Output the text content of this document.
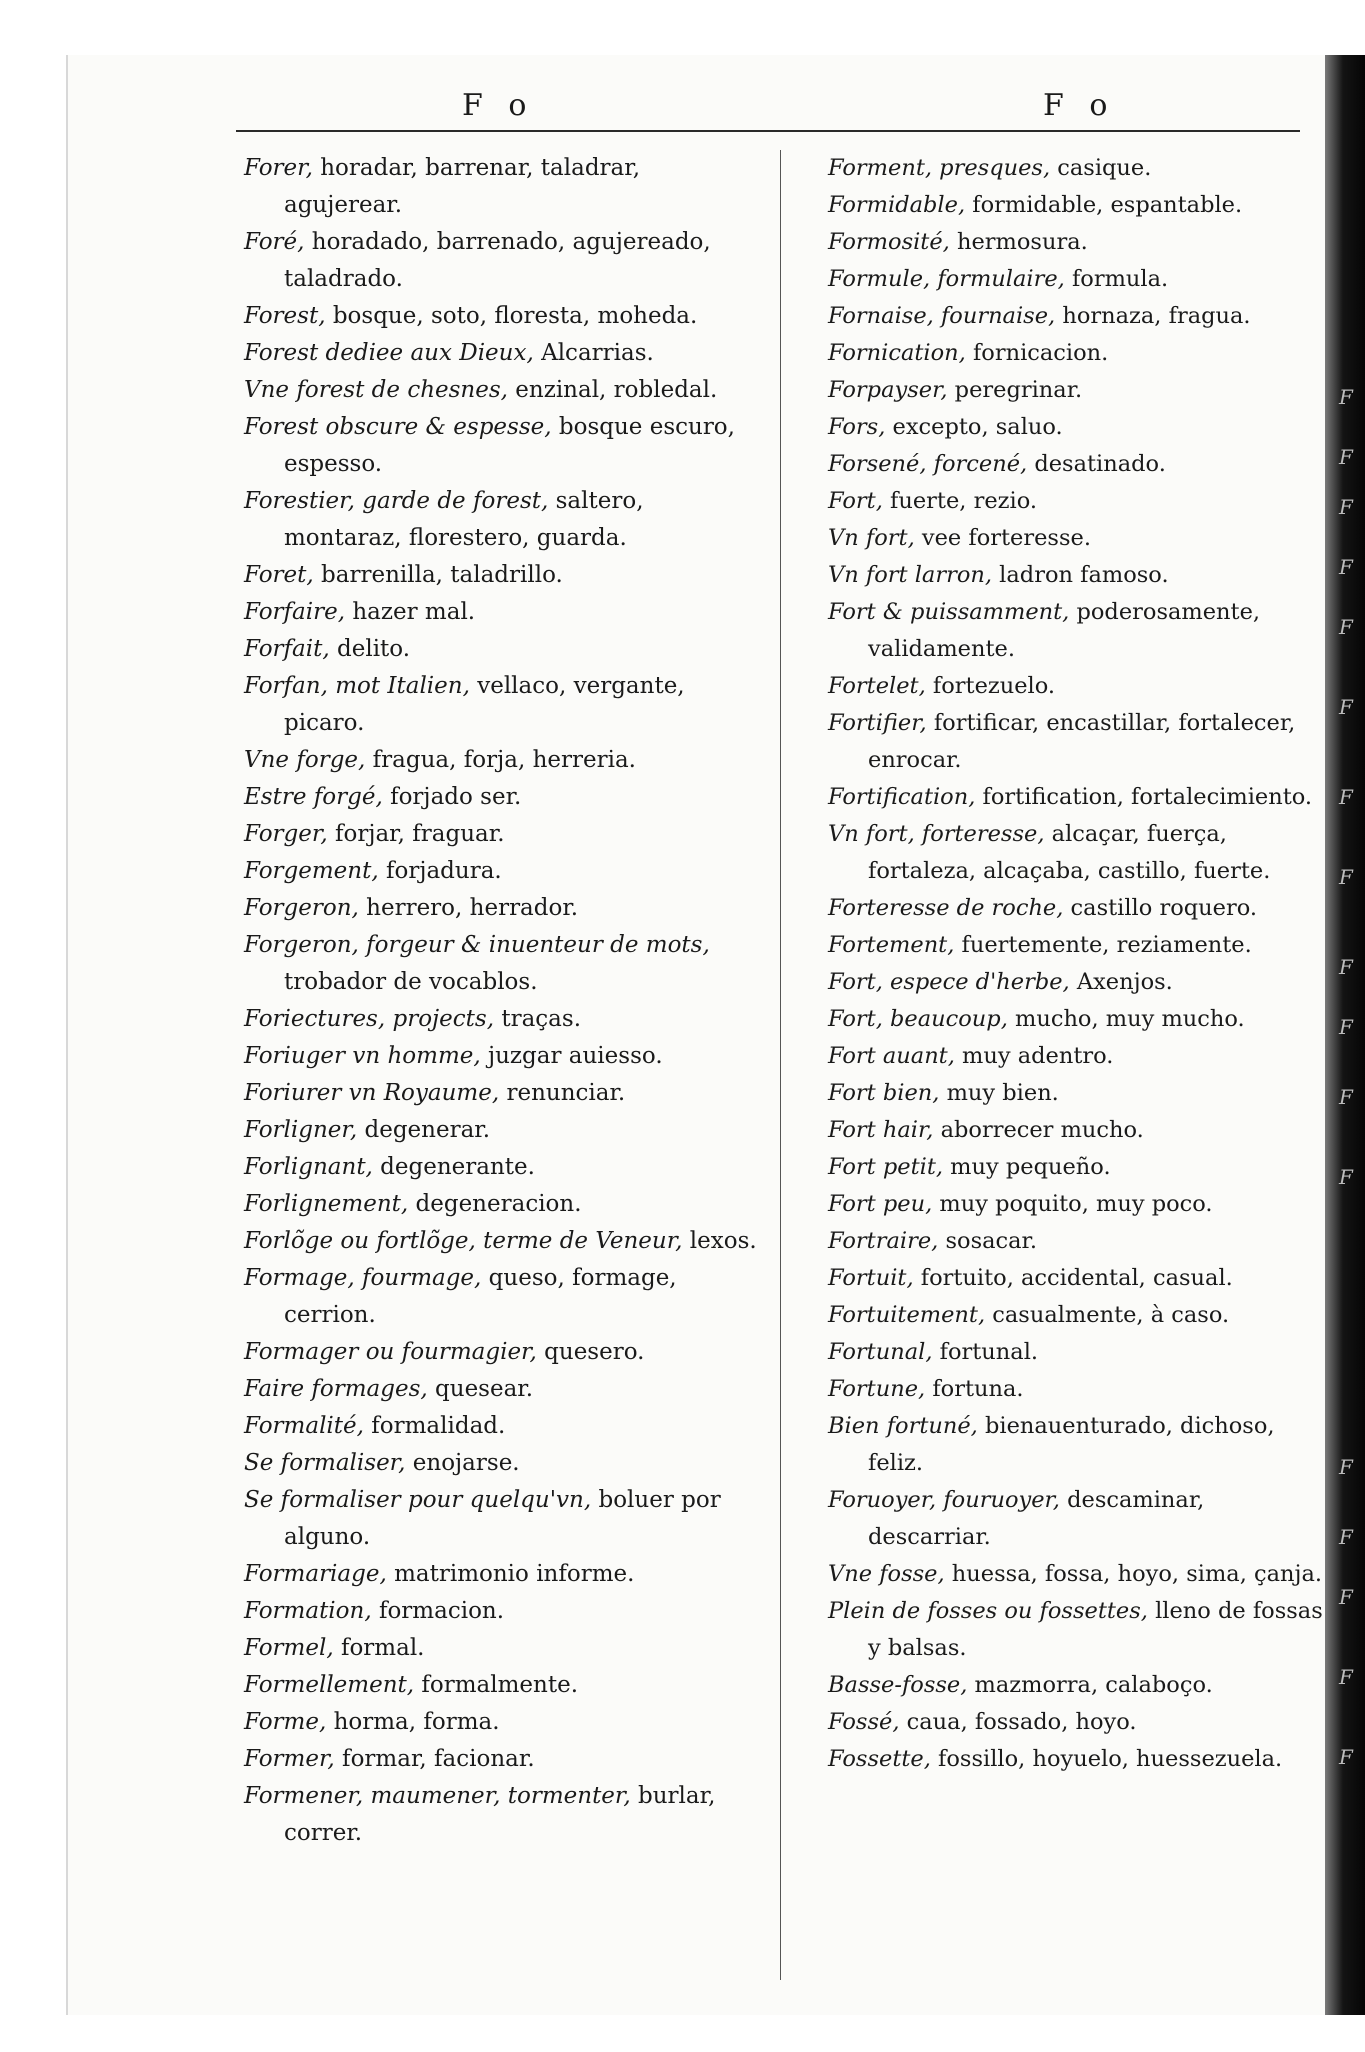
F o	F o
Forer, horadar, barrenar, taladrar, agujerear.
Foré, horadado, barrenado, agujereado, taladrado.
Forest, bosque, soto, floresta, moheda.
Forest dediee aux Dieux, Alcarrias.
Vne forest de chesnes, enzinal, robledal.
Forest obscure & espesse, bosque escuro, espesso.
Forestier, garde de forest, saltero, montaraz, florestero, guarda.
Foret, barrenilla, taladrillo.
Forfaire, hazer mal.
Forfait, delito.
Forfan, mot Italien, vellaco, vergante, picaro.
Vne forge, fragua, forja, herreria.
Estre forgé, forjado ser.
Forger, forjar, fraguar.
Forgement, forjadura.
Forgeron, herrero, herrador.
Forgeron, forgeur & inuenteur de mots, trobador de vocablos.
Foriectures, projects, traças.
Foriuger vn homme, juzgar auiesso.
Foriurer vn Royaume, renunciar.
Forligner, degenerar.
Forlignant, degenerante.
Forlignement, degeneracion.
Forlõge ou fortlõge, terme de Veneur, lexos.
Formage, fourmage, queso, formage, cerrion.
Formager ou fourmagier, quesero.
Faire formages, quesear.
Formalité, formalidad.
Se formaliser, enojarse.
Se formaliser pour quelqu'vn, boluer por alguno.
Formariage, matrimonio informe.
Formation, formacion.
Formel, formal.
Formellement, formalmente.
Forme, horma, forma.
Former, formar, facionar.
Formener, maumener, tormenter, burlar, correr.
Forment, presques, casique.
Formidable, formidable, espantable.
Formosité, hermosura.
Formule, formulaire, formula.
Fornaise, fournaise, hornaza, fragua.
Fornication, fornicacion.
Forpayser, peregrinar.
Fors, excepto, saluo.
Forsené, forcené, desatinado.
Fort, fuerte, rezio.
Vn fort, vee forteresse.
Vn fort larron, ladron famoso.
Fort & puissamment, poderosamente, validamente.
Fortelet, fortezuelo.
Fortifier, fortificar, encastillar, fortalecer, enrocar.
Fortification, fortification, fortalecimiento.
Vn fort, forteresse, alcaçar, fuerça, fortaleza, alcaçaba, castillo, fuerte.
Forteresse de roche, castillo roquero.
Fortement, fuertemente, reziamente.
Fort, espece d'herbe, Axenjos.
Fort, beaucoup, mucho, muy mucho.
Fort auant, muy adentro.
Fort bien, muy bien.
Fort hair, aborrecer mucho.
Fort petit, muy pequeño.
Fort peu, muy poquito, muy poco.
Fortraire, sosacar.
Fortuit, fortuito, accidental, casual.
Fortuitement, casualmente, à caso.
Fortunal, fortunal.
Fortune, fortuna.
Bien fortuné, bienauenturado, dichoso, feliz.
Foruoyer, fouruoyer, descaminar, descarriar.
Vne fosse, huessa, fossa, hoyo, sima, çanja.
Plein de fosses ou fossettes, lleno de fossas y balsas.
Basse-fosse, mazmorra, calaboço.
Fossé, caua, fossado, hoyo.
Fossette, fossillo, hoyuelo, huessezuela.
F
F
F
F
F
F
F
F
F
F
F
F
F
F
F
F
F
